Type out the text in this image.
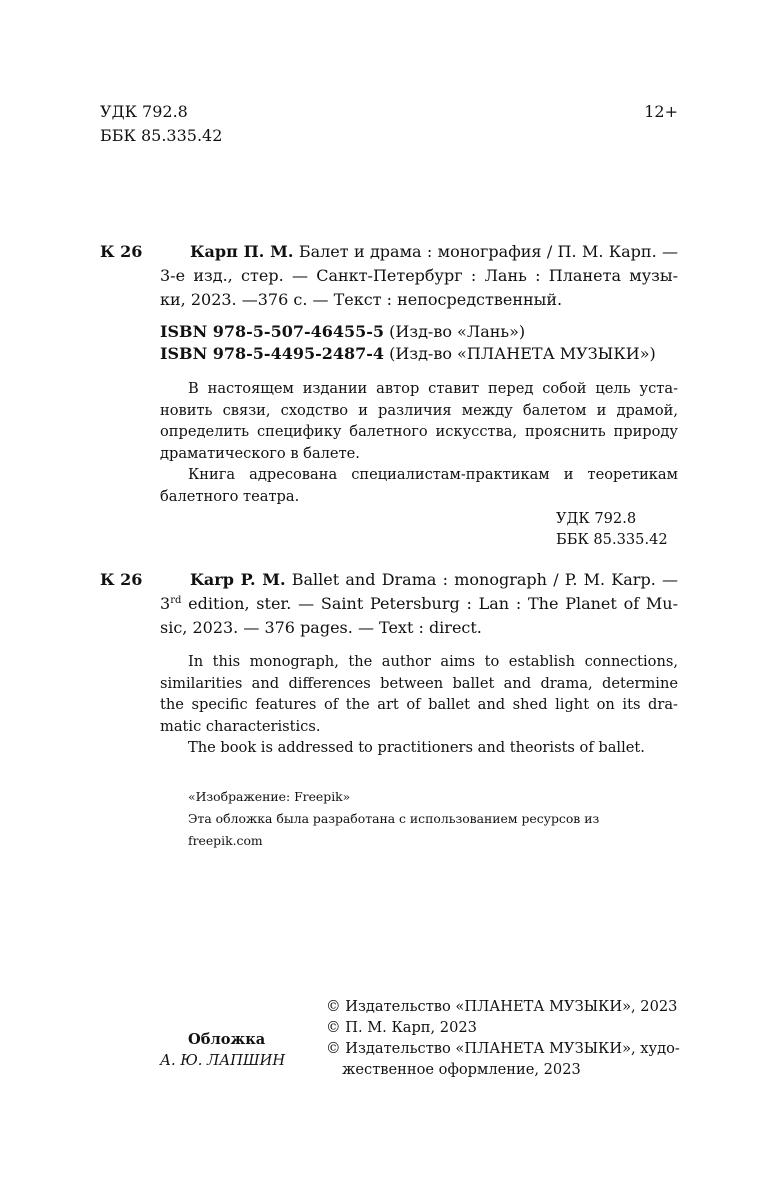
УДК 792.8
ББК 85.335.42
12+
К 26	Карп П. М. Балет и драма : монография / П. М. Карп. —
3-е изд., стер. — Санкт-Петербург : Лань : Планета музы-
ки, 2023. —376 с. — Текст : непосредственный.
ISBN 978-5-507-46455-5 (Изд-во «Лань»)
ISBN 978-5-4495-2487-4 (Изд-во «ПЛАНЕТА МУЗЫКИ»)
В настоящем издании автор ставит перед собой цель уста-
новить связи, сходство и различия между балетом и драмой,
определить специфику балетного искусства, прояснить природу
драматического в балете.
Книга адресована специалистам-практикам и теоретикам
балетного театра.
УДК 792.8
ББК 85.335.42
К 26	Karp P. M. Ballet and Drama : monograph / P. M. Karp. —
3rd edition, ster. — Saint Petersburg : Lan : The Planet of Mu-
sic, 2023. — 376 pages. — Text : direct.
In this monograph, the author aims to establish connections,
similarities and differences between ballet and drama, determine
the specific features of the art of ballet and shed light on its dra-
matic characteristics.
The book is addressed to practitioners and theorists of ballet.
«Изображение: Freepik»
Эта обложка была разработана с использованием ресурсов из
freepik.com
Обложка
А. Ю. ЛАПШИН
© Издательство «ПЛАНЕТА МУЗЫКИ», 2023
© П. М. Карп, 2023
© Издательство «ПЛАНЕТА МУЗЫКИ», худо-
жественное оформление, 2023
